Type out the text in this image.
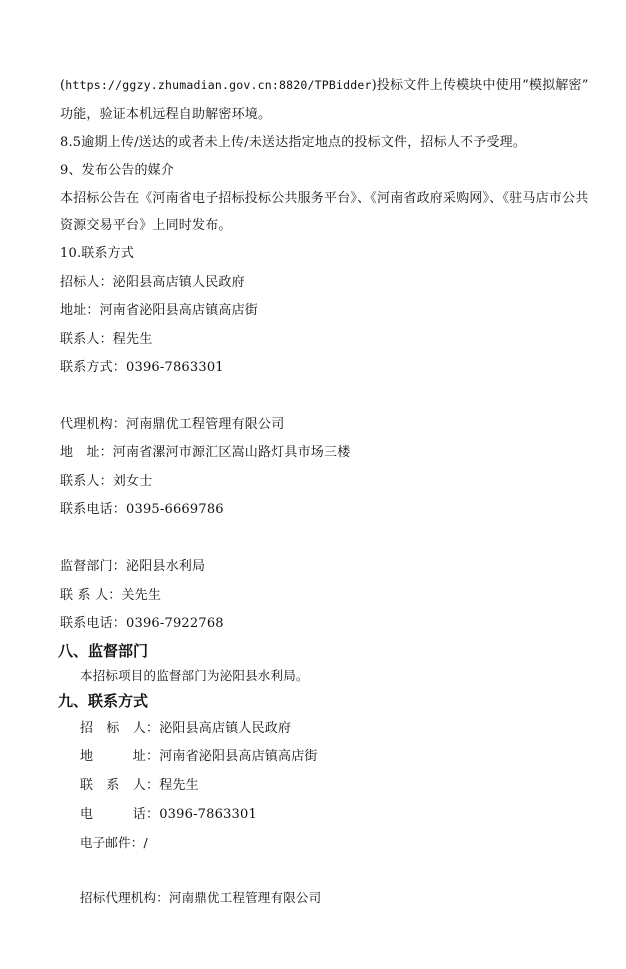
(https://ggzy.zhumadian.gov.cn:8820/TPBidder)投标文件上传模块中使用“模拟解密”
功能，验证本机远程自助解密环境。
8.5逾期上传/送达的或者未上传/未送达指定地点的投标文件，招标人不予受理。
9、发布公告的媒介
本招标公告在《河南省电子招标投标公共服务平台》、《河南省政府采购网》、《驻马店市公共
资源交易平台》上同时发布。
10.联系方式
招标人：泌阳县高店镇人民政府
地址：河南省泌阳县高店镇高店街
联系人：程先生
联系方式：0396-7863301
代理机构：河南鼎优工程管理有限公司
地　址：河南省漯河市源汇区嵩山路灯具市场三楼
联系人：刘女士
联系电话：0395-6669786
监督部门：泌阳县水利局
联 系 人：关先生
联系电话：0396-7922768
八、监督部门
本招标项目的监督部门为泌阳县水利局。
九、联系方式
招　标　人：泌阳县高店镇人民政府
地　　　址：河南省泌阳县高店镇高店街
联　系　人：程先生
电　　　话：0396-7863301
电子邮件：/
招标代理机构：河南鼎优工程管理有限公司
